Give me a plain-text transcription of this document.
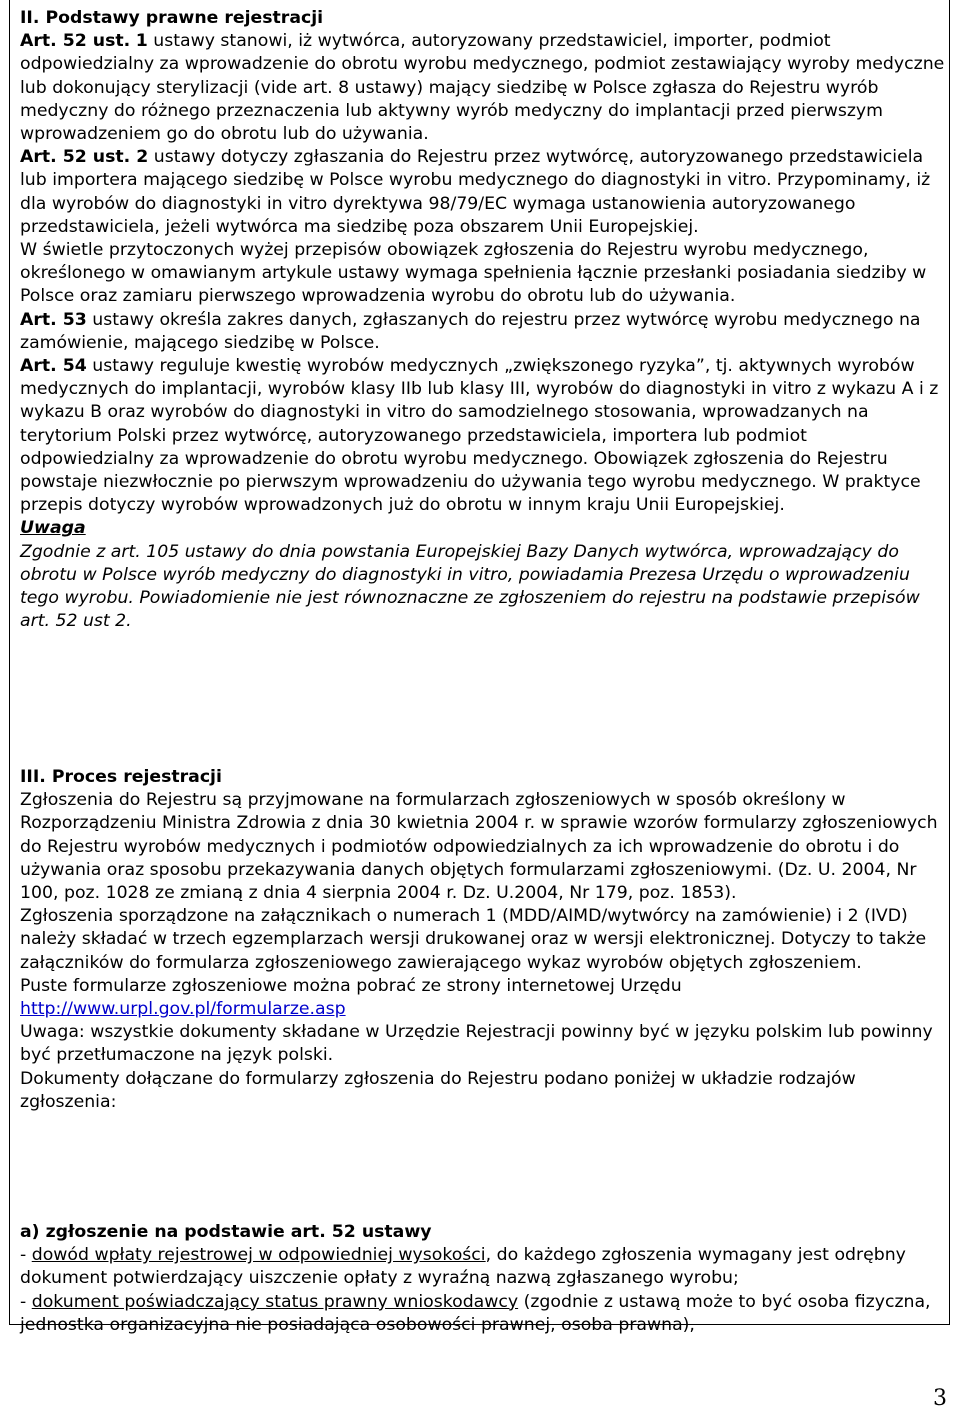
II. Podstawy prawne rejestracji

Art. 52 ust. 1 ustawy stanowi, iż wytwórca, autoryzowany przedstawiciel, importer, podmiot odpowiedzialny za wprowadzenie do obrotu wyrobu medycznego, podmiot zestawiający wyroby medyczne lub dokonujący sterylizacji (vide art. 8 ustawy) mający siedzibę w Polsce zgłasza do Rejestru wyrób medyczny do różnego przeznaczenia lub aktywny wyrób medyczny do implantacji przed pierwszym wprowadzeniem go do obrotu lub do używania.

Art. 52 ust. 2 ustawy dotyczy zgłaszania do Rejestru przez wytwórcę, autoryzowanego przedstawiciela lub importera mającego siedzibę w Polsce wyrobu medycznego do diagnostyki in vitro. Przypominamy, iż dla wyrobów do diagnostyki in vitro dyrektywa 98/79/EC wymaga ustanowienia autoryzowanego przedstawiciela, jeżeli wytwórca ma siedzibę poza obszarem Unii Europejskiej.

W świetle przytoczonych wyżej przepisów obowiązek zgłoszenia do Rejestru wyrobu medycznego, określonego w omawianym artykule ustawy wymaga spełnienia łącznie przesłanki posiadania siedziby w Polsce oraz zamiaru pierwszego wprowadzenia wyrobu do obrotu lub do używania.

Art. 53 ustawy określa zakres danych, zgłaszanych do rejestru przez wytwórcę wyrobu medycznego na zamówienie, mającego siedzibę w Polsce.

Art. 54 ustawy reguluje kwestię wyrobów medycznych „zwiększonego ryzyka”, tj. aktywnych wyrobów medycznych do implantacji, wyrobów klasy IIb lub klasy III, wyrobów do diagnostyki in vitro z wykazu A i z wykazu B oraz wyrobów do diagnostyki in vitro do samodzielnego stosowania, wprowadzanych na terytorium Polski przez wytwórcę, autoryzowanego przedstawiciela, importera lub podmiot odpowiedzialny za wprowadzenie do obrotu wyrobu medycznego. Obowiązek zgłoszenia do Rejestru powstaje niezwłocznie po pierwszym wprowadzeniu do używania tego wyrobu medycznego. W praktyce przepis dotyczy wyrobów wprowadzonych już do obrotu w innym kraju Unii Europejskiej.

Uwaga

Zgodnie z art. 105 ustawy do dnia powstania Europejskiej Bazy Danych wytwórca, wprowadzający do obrotu w Polsce wyrób medyczny do diagnostyki in vitro, powiadamia Prezesa Urzędu o wprowadzeniu tego wyrobu. Powiadomienie nie jest równoznaczne ze zgłoszeniem do rejestru na podstawie przepisów art. 52 ust 2.

III. Proces rejestracji

Zgłoszenia do Rejestru są przyjmowane na formularzach zgłoszeniowych w sposób określony w Rozporządzeniu Ministra Zdrowia z dnia 30 kwietnia 2004 r. w sprawie wzorów formularzy zgłoszeniowych do Rejestru wyrobów medycznych i podmiotów odpowiedzialnych za ich wprowadzenie do obrotu i do używania oraz sposobu przekazywania danych objętych formularzami zgłoszeniowymi. (Dz. U. 2004, Nr 100, poz. 1028 ze zmianą z dnia 4 sierpnia 2004 r. Dz. U.2004, Nr 179, poz. 1853).

Zgłoszenia sporządzone na załącznikach o numerach 1 (MDD/AIMD/wytwórcy na zamówienie) i 2 (IVD) należy składać w trzech egzemplarzach wersji drukowanej oraz w wersji elektronicznej. Dotyczy to także załączników do formularza zgłoszeniowego zawierającego wykaz wyrobów objętych zgłoszeniem.

Puste formularze zgłoszeniowe można pobrać ze strony internetowej Urzędu

http://www.urpl.gov.pl/formularze.asp

Uwaga: wszystkie dokumenty składane w Urzędzie Rejestracji powinny być w języku polskim lub powinny być przetłumaczone na język polski.

Dokumenty dołączane do formularzy zgłoszenia do Rejestru podano poniżej w układzie rodzajów zgłoszenia:

a) zgłoszenie na podstawie art. 52 ustawy

- dowód wpłaty rejestrowej w odpowiedniej wysokości, do każdego zgłoszenia wymagany jest odrębny dokument potwierdzający uiszczenie opłaty z wyraźną nazwą zgłaszanego wyrobu;

- dokument poświadczający status prawny wnioskodawcy (zgodnie z ustawą może to być osoba fizyczna, jednostka organizacyjna nie posiadająca osobowości prawnej, osoba prawna),

3
